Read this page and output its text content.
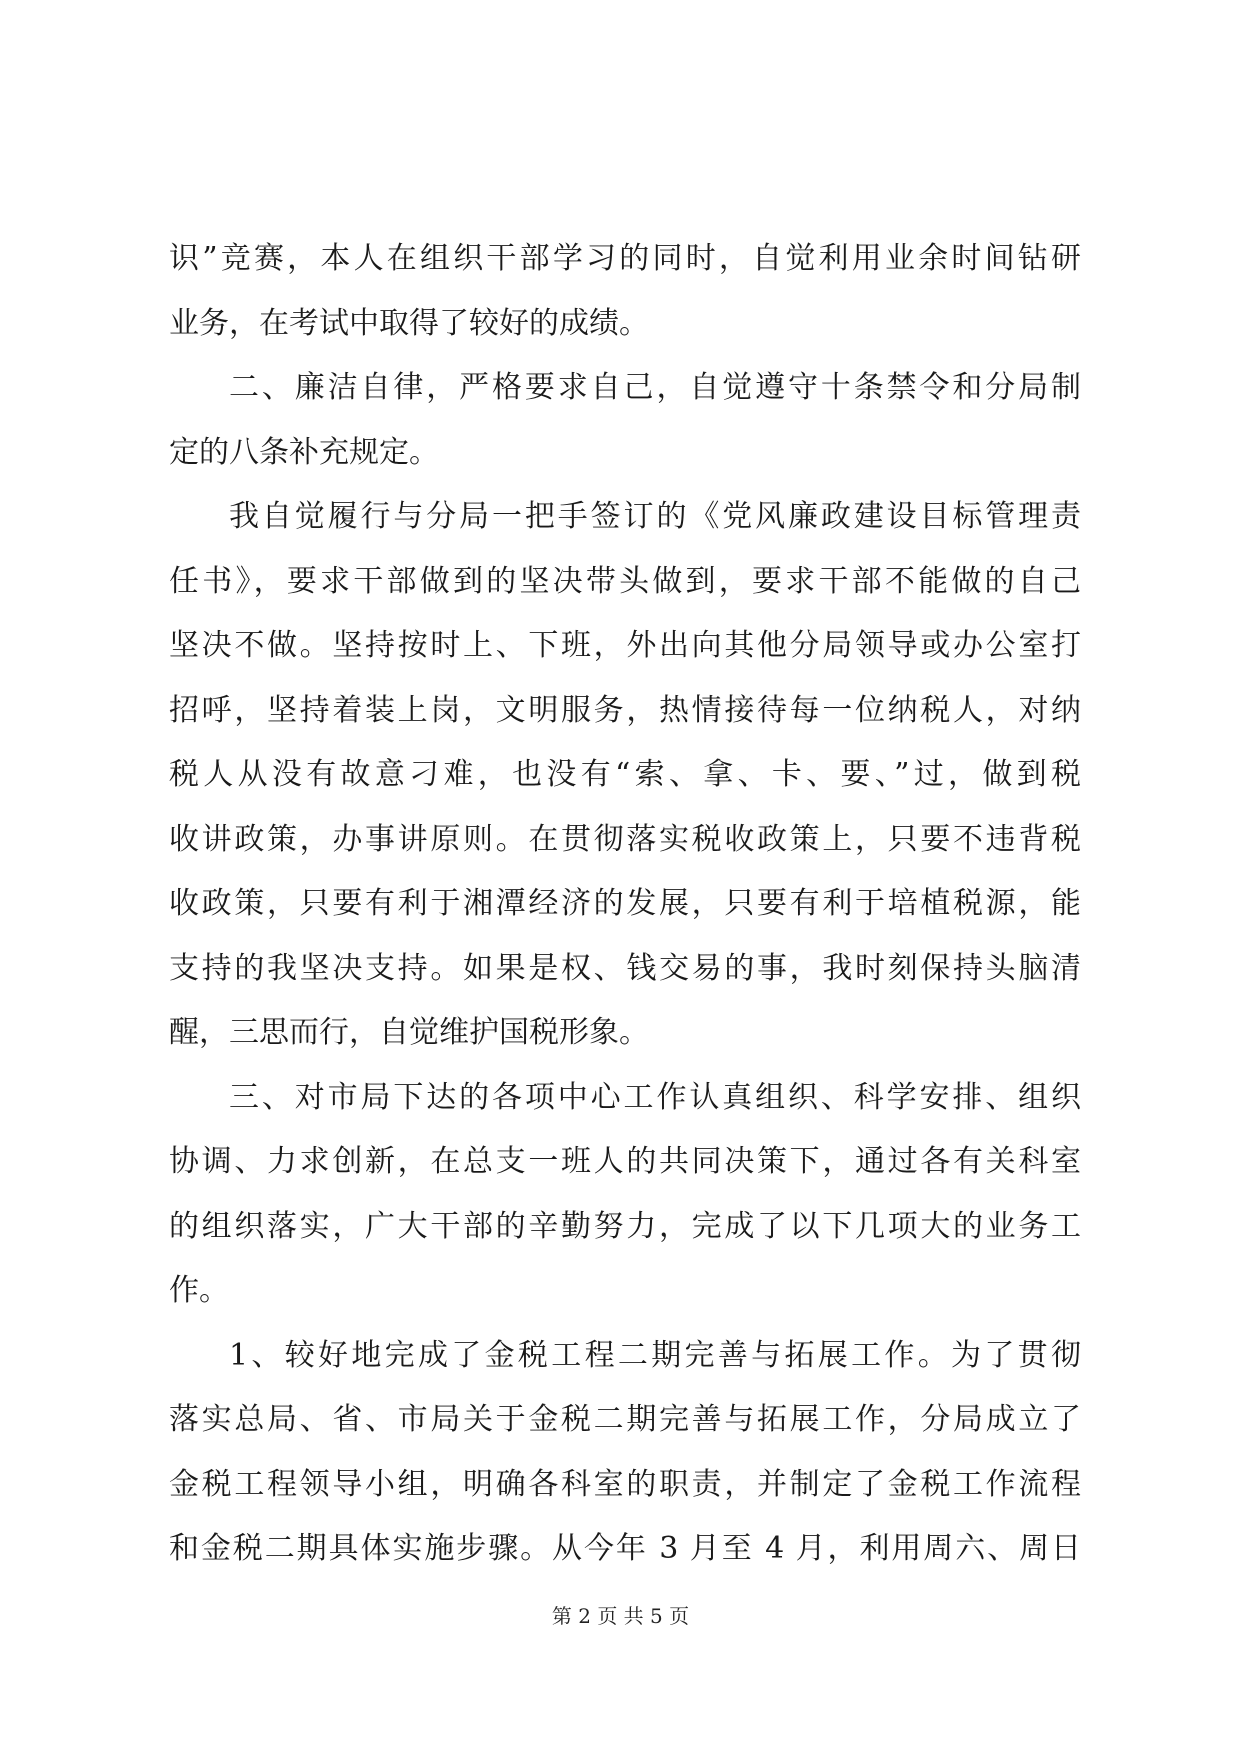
识”竞赛，本人在组织干部学习的同时，自觉利用业余时间钻研
业务，在考试中取得了较好的成绩。
二、廉洁自律，严格要求自己，自觉遵守十条禁令和分局制
定的八条补充规定。
我自觉履行与分局一把手签订的《党风廉政建设目标管理责
任书》，要求干部做到的坚决带头做到，要求干部不能做的自己
坚决不做。坚持按时上、下班，外出向其他分局领导或办公室打
招呼，坚持着装上岗，文明服务，热情接待每一位纳税人，对纳
税人从没有故意刁难，也没有“索、拿、卡、要、”过，做到税
收讲政策，办事讲原则。在贯彻落实税收政策上，只要不违背税
收政策，只要有利于湘潭经济的发展，只要有利于培植税源，能
支持的我坚决支持。如果是权、钱交易的事，我时刻保持头脑清
醒，三思而行，自觉维护国税形象。
三、对市局下达的各项中心工作认真组织、科学安排、组织
协调、力求创新，在总支一班人的共同决策下，通过各有关科室
的组织落实，广大干部的辛勤努力，完成了以下几项大的业务工
作。
1、较好地完成了金税工程二期完善与拓展工作。为了贯彻
落实总局、省、市局关于金税二期完善与拓展工作，分局成立了
金税工程领导小组，明确各科室的职责，并制定了金税工作流程
和金税二期具体实施步骤。从今年 3 月至 4 月，利用周六、周日
第 2 页 共 5 页
